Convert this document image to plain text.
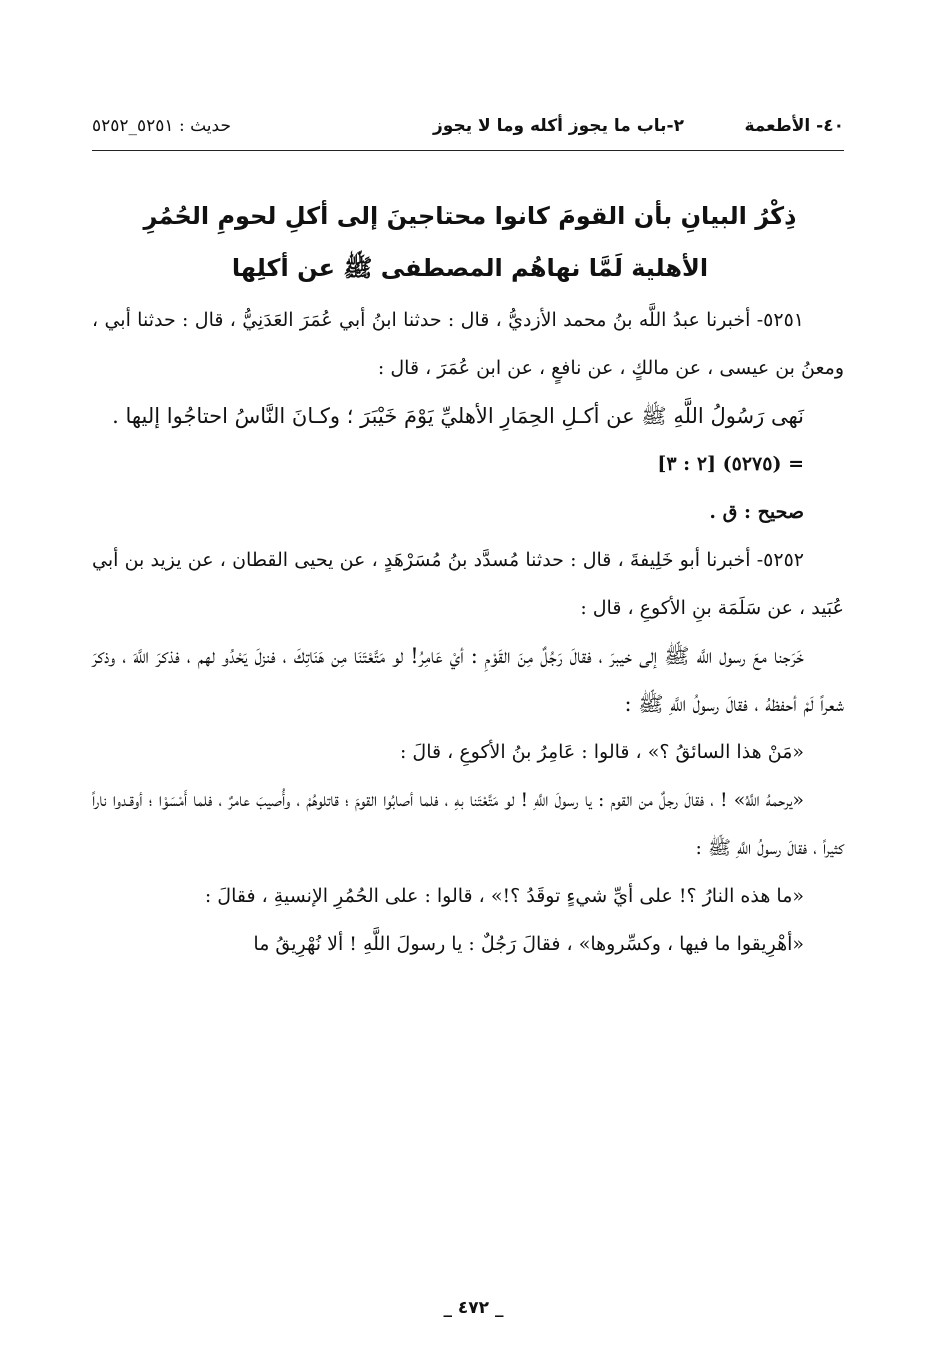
٤٠- الأطعمة
٢-باب ما يجوز أكله وما لا يجوز
حديث : ٥٢٥١_٥٢٥٢
ذِكْرُ البيانِ بأن القومَ كانوا محتاجينَ إلى أكلِ لحومِ الحُمُرِ
الأهلية لَمَّا نهاهُم المصطفى ﷺ عن أكلِها

٥٢٥١- أخبرنا عبدُ اللَّه بنُ محمد الأزديُّ ، قال : حدثنا ابنُ أبي عُمَرَ العَدَنِيُّ ، قال : حدثنا أبي ، ومعنُ بن عيسى ، عن مالكٍ ، عن نافعٍ ، عن ابن عُمَرَ ، قال :

نَهى رَسُولُ اللَّهِ ﷺ عن أكـلِ الحِمَارِ الأهليِّ يَوْمَ خَيْبَرَ ؛ وكـانَ النَّاسُ احتاجُوا إليها .

= (٥٢٧٥) [٢ : ٣]

صحيح : ق .

٥٢٥٢- أخبرنا أبو خَلِيفةَ ، قال : حدثنا مُسدَّد بنُ مُسَرْهَدٍ ، عن يحيى القطان ، عن يزيد بن أبي عُبَيد ، عن سَلَمَة بنِ الأكوعِ ، قال :

خَرَجنا معَ رسول اللَّه ﷺ إلى خيبرَ ، فقالَ رَجُلٌ مِنَ القَوْمِ : أيْ عَامِرُ! لو مَتَّعْتَنَا مِن هَنَاتِكَ ، فنزلَ يَحْدُو لهم ، فذكرَ اللَّهَ ، وذكرَ شعراً لَمْ أحفظهُ ، فقالَ رسولُ اللَّهِ ﷺ :

«مَنْ هذا السائقُ ؟» ، قالوا : عَامِرُ بنُ الأكوعِ ، قالَ :

«يرحمهُ اللَّهُ» ! ، فقالَ رجلٌ من القوم : يا رسولَ اللَّهِ ! لو مَتَّعْتَنا بهِ ، فلما أصابُوا القومَ ؛ قاتلوهُمْ ، وأُصيبَ عامرٌ ، فلما أَمْسَوْا ؛ أوقـدوا ناراً كثيراً ، فقالَ رسولُ اللَّهِ ﷺ :

«ما هذه النارُ ؟! على أيِّ شيءٍ توقَدُ ؟!» ، قالوا : على الحُمُرِ الإنسيةِ ، فقالَ :

«أهْرِيقوا ما فيها ، وكسِّروها» ، فقالَ رَجُلٌ : يا رسولَ اللَّهِ ! ألا نُهْرِيقُ ما

_ ٤٧٢ _
